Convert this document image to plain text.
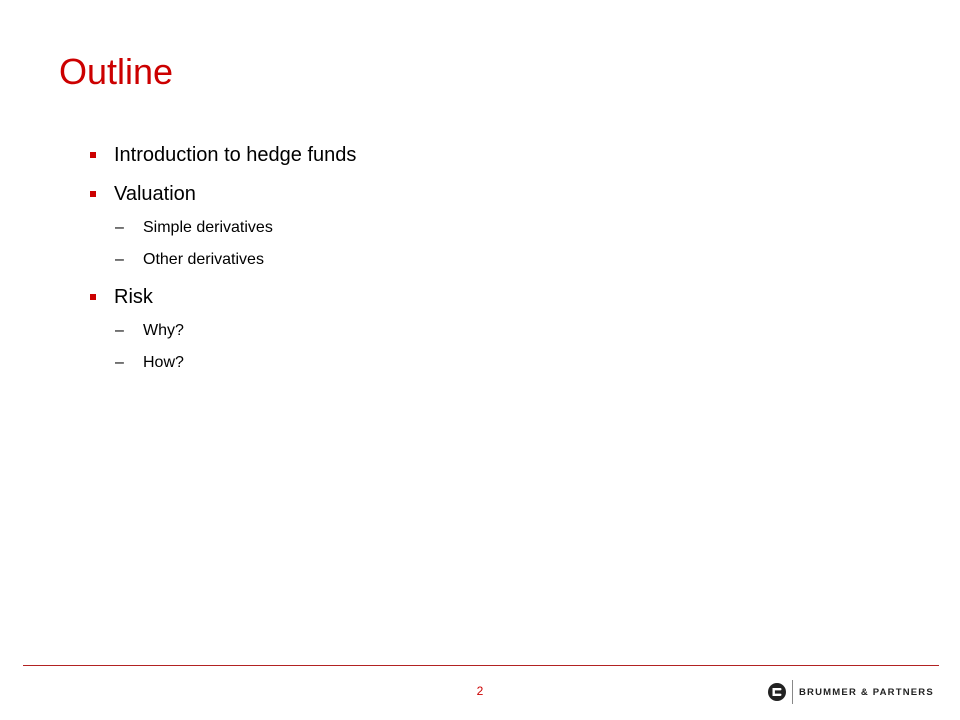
Outline
Introduction to hedge funds
Valuation
–	Simple derivatives
–	Other derivatives
Risk
–	Why?
–	How?
2	BRUMMER & PARTNERS
